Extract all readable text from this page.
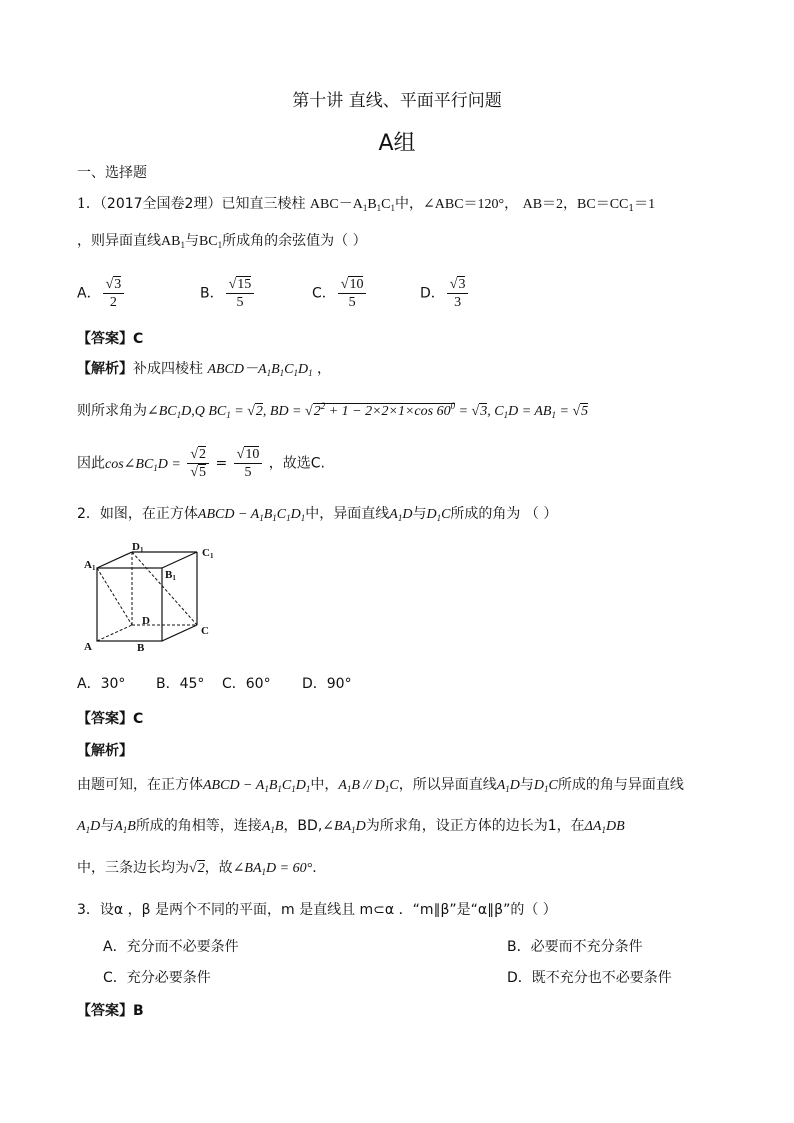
第十讲 直线、平面平行问题
A组
一、选择题
1．（2017全国卷2理）已知直三棱柱 $ABC-A_1B_1C_1$中，∠ABC＝120°， AB＝2，$BC=CC_1=1$
，则异面直线$AB_1$与$BC_1$所成角的余弦值为（ ）
A． $\frac{√3}{2}$	B． $\frac{√15}{5}$	C． $\frac{√10}{5}$	D． $\frac{√3}{3}$
【答案】C
【解析】补成四棱柱 $ABCD-A_1B_1C_1D_1$ ，
则所求角为$\angle BC_1D,Q$ $BC_1 = √2$, BD = $√2^2 + 1 - 2\times 2\times 1\times\cos$ $60^0 = √3$, $C_1D = AB_1 = √5$
因此$\cos\angle BC_1D = \frac{√2}{√5} = \frac{√10}{5}$ ，故选C.
2．如图，在正方体ABCD − $A_1B_1C_1D_1$中，异面直线$A_1D$与$D_1C$所成的角为 （ ）
A1
D1	C1
B1
D
A	B
C
A．30° B．45° C．60° D．90°
【答案】C
【解析】
由题可知，在正方体ABCD − $A_1B_1C_1D_1$中，$A_1B // D_1C$，所以异面直线$A_1D$与$D_1C$所成的角与异面直线
$A_1D$与$A_1B$所成的角相等，连接$A_1B$，$BD,\angle BA_1D$为所求角，设正方体的边长为1，在$\Delta A_1DB$
中，三条边长均为√2，故$\angle BA_1D = 60^\circ$.
3．设α ，β 是两个不同的平面，m 是直线且 m⊂α ．“m∥β”是“α∥β”的（ ）
A．充分而不必要条件	B．必要而不充分条件
C．充分必要条件	D．既不充分也不必要条件
【答案】B
